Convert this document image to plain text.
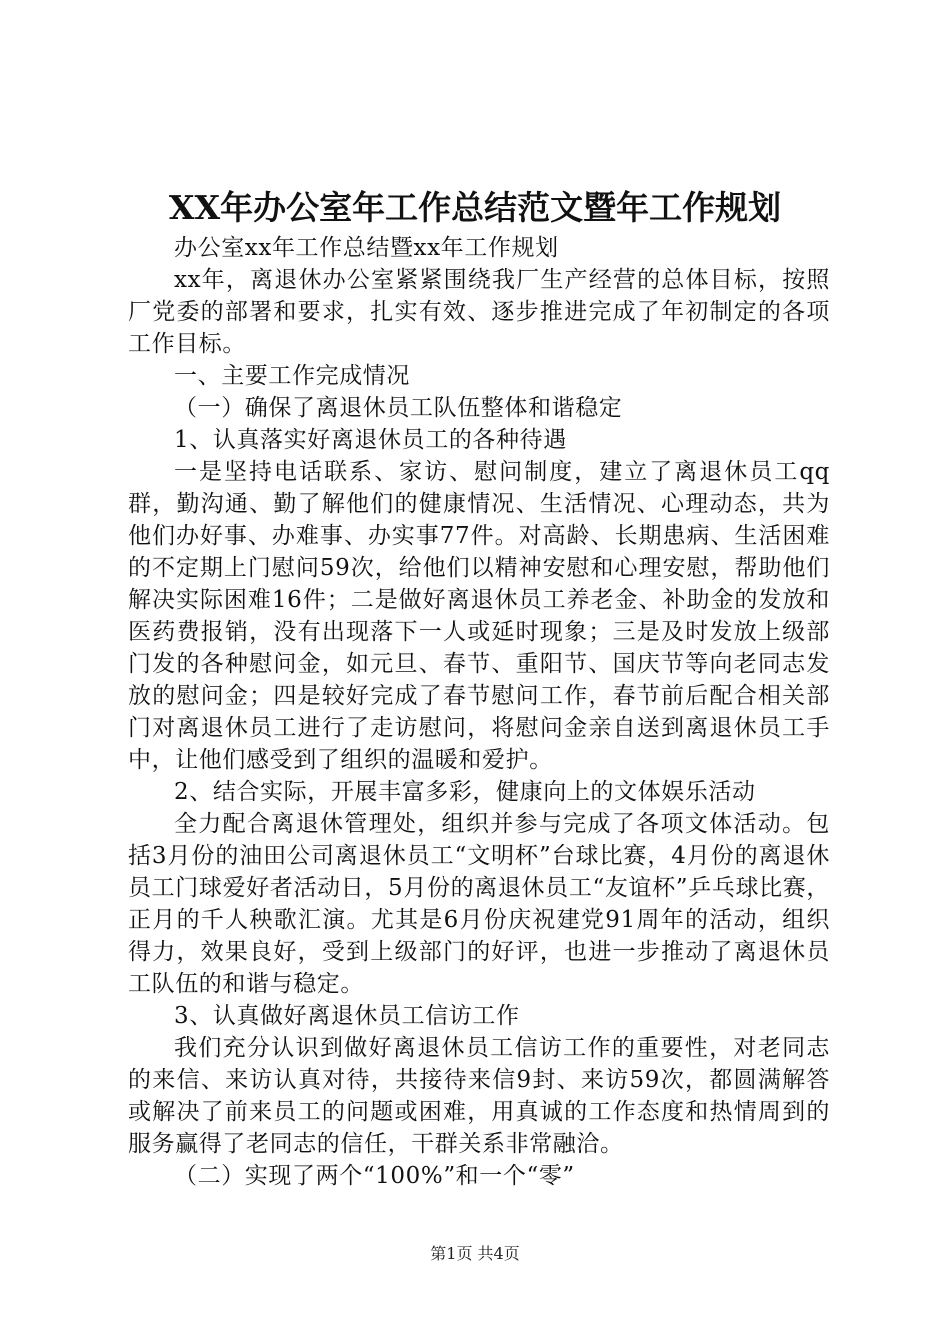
XX年办公室年工作总结范文暨年工作规划

办公室xx年工作总结暨xx年工作规划

xx年，离退休办公室紧紧围绕我厂生产经营的总体目标，按照厂党委的部署和要求，扎实有效、逐步推进完成了年初制定的各项工作目标。

一、主要工作完成情况

（一）确保了离退休员工队伍整体和谐稳定

1、认真落实好离退休员工的各种待遇

一是坚持电话联系、家访、慰问制度，建立了离退休员工qq群，勤沟通、勤了解他们的健康情况、生活情况、心理动态，共为他们办好事、办难事、办实事77件。对高龄、长期患病、生活困难的不定期上门慰问59次，给他们以精神安慰和心理安慰，帮助他们解决实际困难16件；二是做好离退休员工养老金、补助金的发放和医药费报销，没有出现落下一人或延时现象；三是及时发放上级部门发的各种慰问金，如元旦、春节、重阳节、国庆节等向老同志发放的慰问金；四是较好完成了春节慰问工作，春节前后配合相关部门对离退休员工进行了走访慰问，将慰问金亲自送到离退休员工手中，让他们感受到了组织的温暖和爱护。

2、结合实际，开展丰富多彩，健康向上的文体娱乐活动

全力配合离退休管理处，组织并参与完成了各项文体活动。包括3月份的油田公司离退休员工“文明杯”台球比赛，4月份的离退休员工门球爱好者活动日，5月份的离退休员工“友谊杯”乒乓球比赛，正月的千人秧歌汇演。尤其是6月份庆祝建党91周年的活动，组织得力，效果良好，受到上级部门的好评，也进一步推动了离退休员工队伍的和谐与稳定。

3、认真做好离退休员工信访工作

我们充分认识到做好离退休员工信访工作的重要性，对老同志的来信、来访认真对待，共接待来信9封、来访59次，都圆满解答或解决了前来员工的问题或困难，用真诚的工作态度和热情周到的服务赢得了老同志的信任，干群关系非常融洽。

（二）实现了两个“100%”和一个“零”

第1页 共4页
